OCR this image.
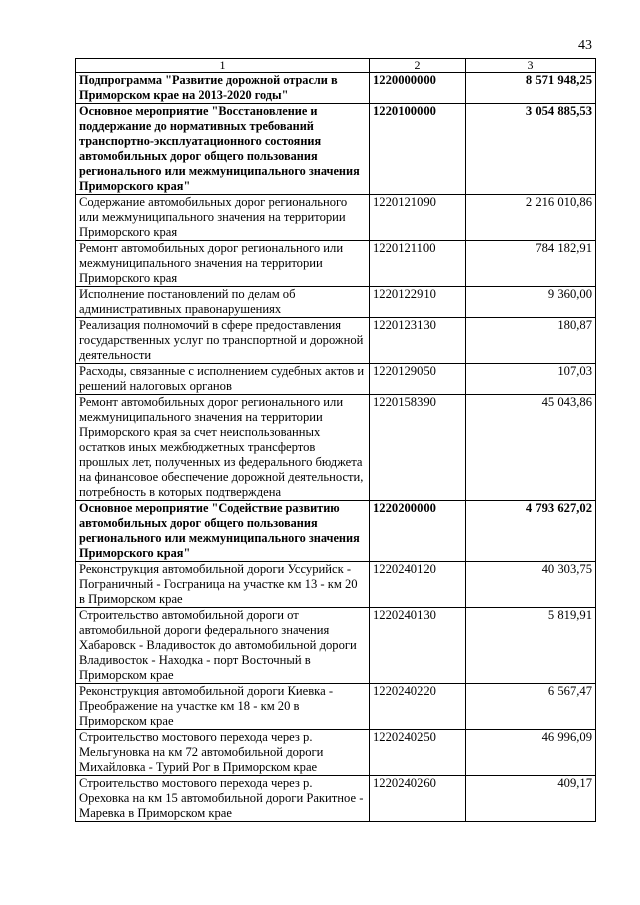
43
1	2	3
Подпрограмма "Развитие дорожной отрасли в Приморском крае на 2013-2020 годы"	1220000000	8 571 948,25
Основное мероприятие "Восстановление и поддержание до нормативных требований транспортно-эксплуатационного состояния автомобильных дорог общего пользования регионального или межмуниципального значения Приморского края"	1220100000	3 054 885,53
Содержание автомобильных дорог регионального или межмуниципального значения на территории Приморского края	1220121090	2 216 010,86
Ремонт автомобильных дорог регионального или межмуниципального значения на территории Приморского края	1220121100	784 182,91
Исполнение постановлений по делам об административных правонарушениях	1220122910	9 360,00
Реализация полномочий в сфере предоставления государственных услуг по транспортной и дорожной деятельности	1220123130	180,87
Расходы, связанные с исполнением судебных актов и решений налоговых органов	1220129050	107,03
Ремонт автомобильных дорог регионального или межмуниципального значения на территории Приморского края за счет неиспользованных остатков иных межбюджетных трансфертов прошлых лет, полученных из федерального бюджета на финансовое обеспечение дорожной деятельности, потребность в которых подтверждена	1220158390	45 043,86
Основное мероприятие "Содействие развитию автомобильных дорог общего пользования регионального или межмуниципального значения Приморского края"	1220200000	4 793 627,02
Реконструкция автомобильной дороги Уссурийск - Пограничный - Госграница на участке км 13 - км 20 в Приморском крае	1220240120	40 303,75
Строительство автомобильной дороги от автомобильной дороги федерального значения Хабаровск - Владивосток до автомобильной дороги Владивосток - Находка - порт Восточный в Приморском крае	1220240130	5 819,91
Реконструкция автомобильной дороги Киевка - Преображение на участке км 18 - км 20 в Приморском крае	1220240220	6 567,47
Строительство мостового перехода через р. Мельгуновка на км 72 автомобильной дороги Михайловка - Турий Рог в Приморском крае	1220240250	46 996,09
Строительство мостового перехода через р. Ореховка на км 15 автомобильной дороги Ракитное - Маревка в Приморском крае	1220240260	409,17
